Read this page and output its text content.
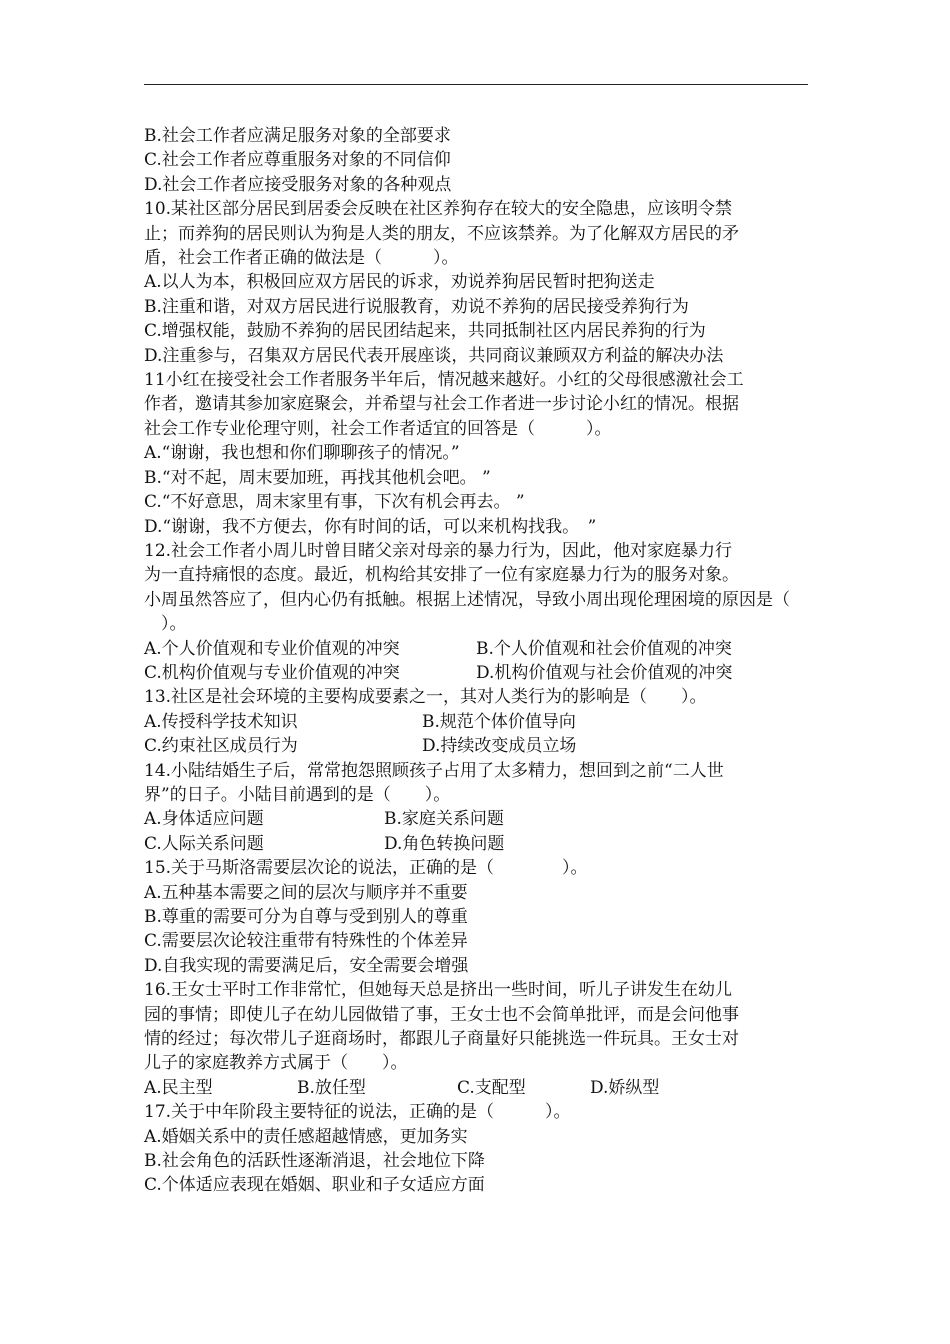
B.社会工作者应满足服务对象的全部要求
C.社会工作者应尊重服务对象的不同信仰
D.社会工作者应接受服务对象的各种观点
10.某社区部分居民到居委会反映在社区养狗存在较大的安全隐患，应该明令禁
止；而养狗的居民则认为狗是人类的朋友，不应该禁养。为了化解双方居民的矛
盾，社会工作者正确的做法是（　　　）。
A.以人为本，积极回应双方居民的诉求，劝说养狗居民暂时把狗送走
B.注重和谐，对双方居民进行说服教育，劝说不养狗的居民接受养狗行为
C.增强权能，鼓励不养狗的居民团结起来，共同抵制社区内居民养狗的行为
D.注重参与，召集双方居民代表开展座谈，共同商议兼顾双方利益的解决办法
11小红在接受社会工作者服务半年后，情况越来越好。小红的父母很感激社会工
作者，邀请其参加家庭聚会，并希望与社会工作者进一步讨论小红的情况。根据
社会工作专业伦理守则，社会工作者适宜的回答是（　　　）。
A.“谢谢，我也想和你们聊聊孩子的情况。”
B.“对不起，周末要加班，再找其他机会吧。 ”
C.“不好意思，周末家里有事，下次有机会再去。 ”
D.“谢谢，我不方便去，你有时间的话，可以来机构找我。　”
12.社会工作者小周儿时曾目睹父亲对母亲的暴力行为，因此，他对家庭暴力行
为一直持痛恨的态度。最近，机构给其安排了一位有家庭暴力行为的服务对象。
小周虽然答应了，但内心仍有抵触。根据上述情况，导致小周出现伦理困境的原因是（
　）。
A.个人价值观和专业价值观的冲突	B.个人价值观和社会价值观的冲突
C.机构价值观与专业价值观的冲突	D.机构价值观与社会价值观的冲突
13.社区是社会环境的主要构成要素之一，其对人类行为的影响是（　　）。
A.传授科学技术知识	B.规范个体价值导向
C.约束社区成员行为	D.持续改变成员立场
14.小陆结婚生子后，常常抱怨照顾孩子占用了太多精力，想回到之前“二人世
界”的日子。小陆目前遇到的是（　　）。
A.身体适应问题	B.家庭关系问题
C.人际关系问题	D.角色转换问题
15.关于马斯洛需要层次论的说法，正确的是（　　　　）。
A.五种基本需要之间的层次与顺序并不重要
B.尊重的需要可分为自尊与受到别人的尊重
C.需要层次论较注重带有特殊性的个体差异
D.自我实现的需要满足后，安全需要会增强
16.王女士平时工作非常忙，但她每天总是挤出一些时间，听儿子讲发生在幼儿
园的事情；即使儿子在幼儿园做错了事，王女士也不会简单批评，而是会问他事
情的经过；每次带儿子逛商场时，都跟儿子商量好只能挑选一件玩具。王女士对
儿子的家庭教养方式属于（　　）。
A.民主型	B.放任型	C.支配型	D.娇纵型
17.关于中年阶段主要特征的说法，正确的是（　　　）。
A.婚姻关系中的责任感超越情感，更加务实
B.社会角色的活跃性逐渐消退，社会地位下降
C.个体适应表现在婚姻、职业和子女适应方面
